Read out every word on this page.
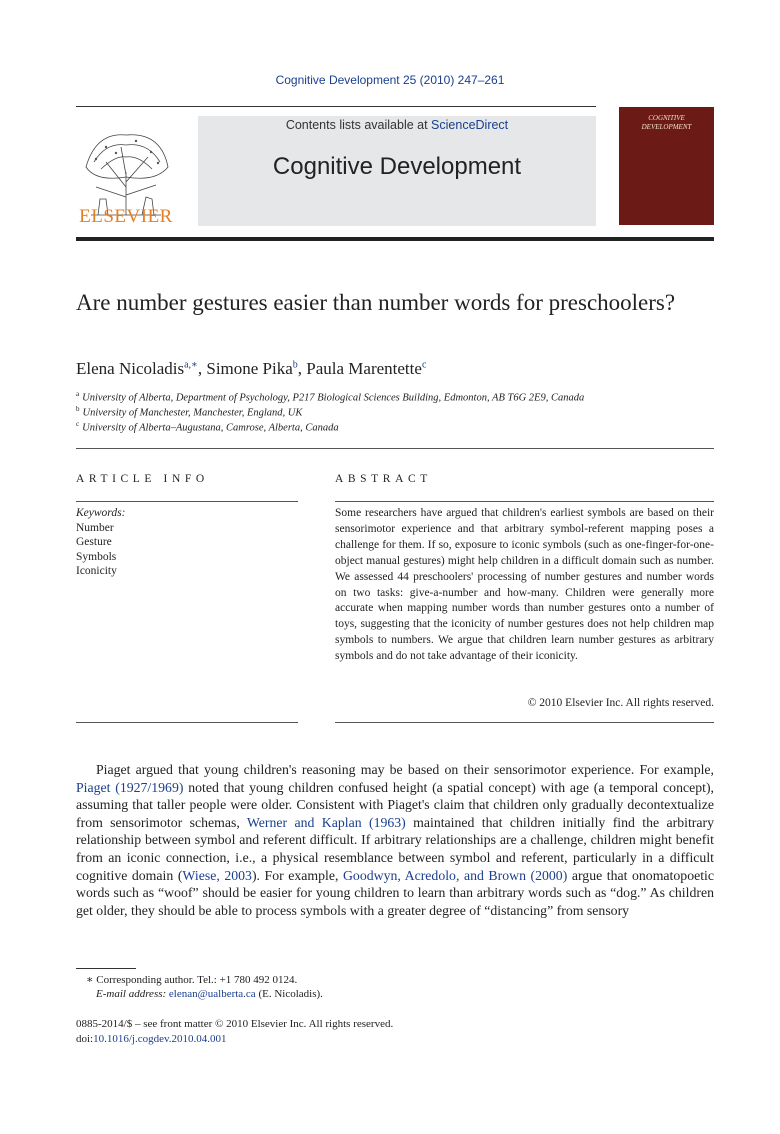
Cognitive Development 25 (2010) 247–261
ELSEVIER
Contents lists available at ScienceDirect
Cognitive Development
COGNITIVE
DEVELOPMENT
Are number gestures easier than number words for preschoolers?
Elena Nicoladis$^{a,∗}$, Simone Pika$^b$, Paula Marentette$^c$
$^a$ University of Alberta, Department of Psychology, P217 Biological Sciences Building, Edmonton, AB T6G 2E9, Canada
$^b$ University of Manchester, Manchester, England, UK
$^c$ University of Alberta–Augustana, Camrose, Alberta, Canada
ARTICLE INFO	ABSTRACT
Keywords:
Number
Gesture
Symbols
Iconicity
Some researchers have argued that children's earliest symbols are based on their sensorimotor experience and that arbitrary symbol-referent mapping poses a challenge for them. If so, exposure to iconic symbols (such as one-finger-for-one-object manual gestures) might help children in a difficult domain such as number. We assessed 44 preschoolers' processing of number gestures and number words on two tasks: give-a-number and how-many. Children were generally more accurate when mapping number words than number gestures onto a number of toys, suggesting that the iconicity of number gestures does not help children map symbols to numbers. We argue that children learn number gestures as arbitrary symbols and do not take advantage of their iconicity.
© 2010 Elsevier Inc. All rights reserved.

Piaget argued that young children's reasoning may be based on their sensorimotor experience. For example, Piaget (1927/1969) noted that young children confused height (a spatial concept) with age (a temporal concept), assuming that taller people were older. Consistent with Piaget's claim that children only gradually decontextualize from sensorimotor schemas, Werner and Kaplan (1963) maintained that children initially find the arbitrary relationship between symbol and referent difficult. If arbitrary relationships are a challenge, children might benefit from an iconic connection, i.e., a physical resemblance between symbol and referent, particularly in a difficult cognitive domain (Wiese, 2003). For example, Goodwyn, Acredolo, and Brown (2000) argue that onomatopoetic words such as “woof” should be easier for young children to learn than arbitrary words such as “dog.” As children get older, they should be able to process symbols with a greater degree of “distancing” from sensory

∗ Corresponding author. Tel.: +1 780 492 0124.
E-mail address: elenan@ualberta.ca (E. Nicoladis).
0885-2014/$ – see front matter © 2010 Elsevier Inc. All rights reserved.
doi:10.1016/j.cogdev.2010.04.001
